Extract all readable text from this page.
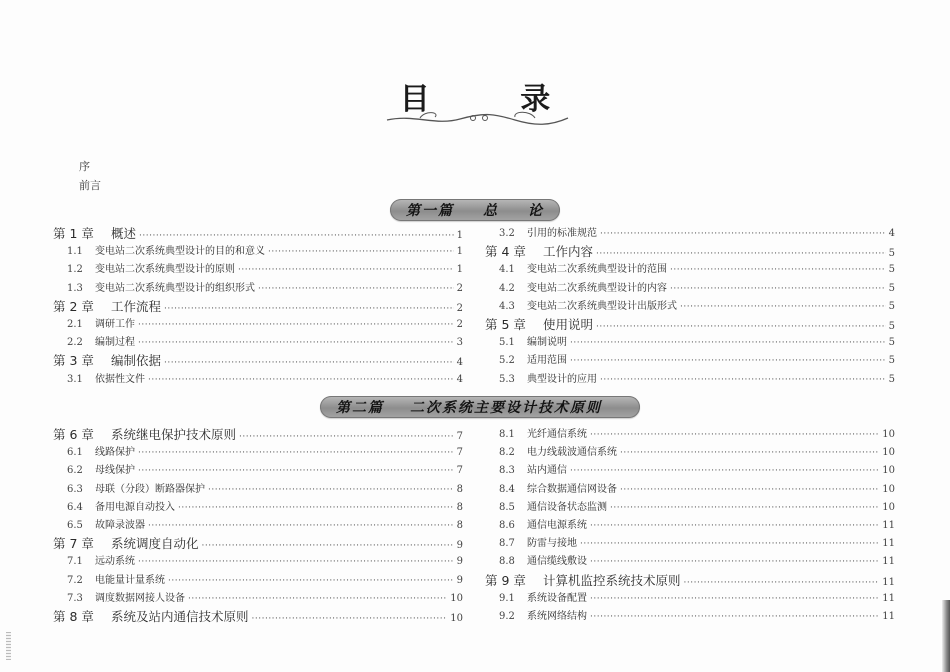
目 录
序
前言
第一篇 总 论
第二篇 二次系统主要设计技术原则
第 1 章	概述 ·····	1
1.1	变电站二次系统典型设计的目的和意义 ·····	1
1.2	变电站二次系统典型设计的原则 ·····	1
1.3	变电站二次系统典型设计的组织形式 ·····	2
第 2 章	工作流程 ·····	2
2.1	调研工作 ·····	2
2.2	编制过程 ·····	3
第 3 章	编制依据 ·····	4
3.1	依据性文件 ·····	4
3.2	引用的标准规范 ·····	4
第 4 章	工作内容 ·····	5
4.1	变电站二次系统典型设计的范围 ·····	5
4.2	变电站二次系统典型设计的内容 ·····	5
4.3	变电站二次系统典型设计出版形式 ·····	5
第 5 章	使用说明 ·····	5
5.1	编制说明 ·····	5
5.2	适用范围 ·····	5
5.3	典型设计的应用 ·····	5
第 6 章	系统继电保护技术原则 ·····	7
6.1	线路保护 ·····	7
6.2	母线保护 ·····	7
6.3	母联（分段）断路器保护 ·····	8
6.4	备用电源自动投入 ·····	8
6.5	故障录波器 ·····	8
第 7 章	系统调度自动化 ·····	9
7.1	远动系统 ·····	9
7.2	电能量计量系统 ·····	9
7.3	调度数据网接人设备 ·····	10
第 8 章	系统及站内通信技术原则 ·····	10
8.1	光纤通信系统 ·····	10
8.2	电力线载波通信系统 ·····	10
8.3	站内通信 ·····	10
8.4	综合数据通信网设备 ·····	10
8.5	通信设备状态监测 ·····	10
8.6	通信电源系统 ·····	11
8.7	防雷与接地 ·····	11
8.8	通信缆线敷设 ·····	11
第 9 章	计算机监控系统技术原则 ·····	11
9.1	系统设备配置 ·····	11
9.2	系统网络结构 ·····	11
